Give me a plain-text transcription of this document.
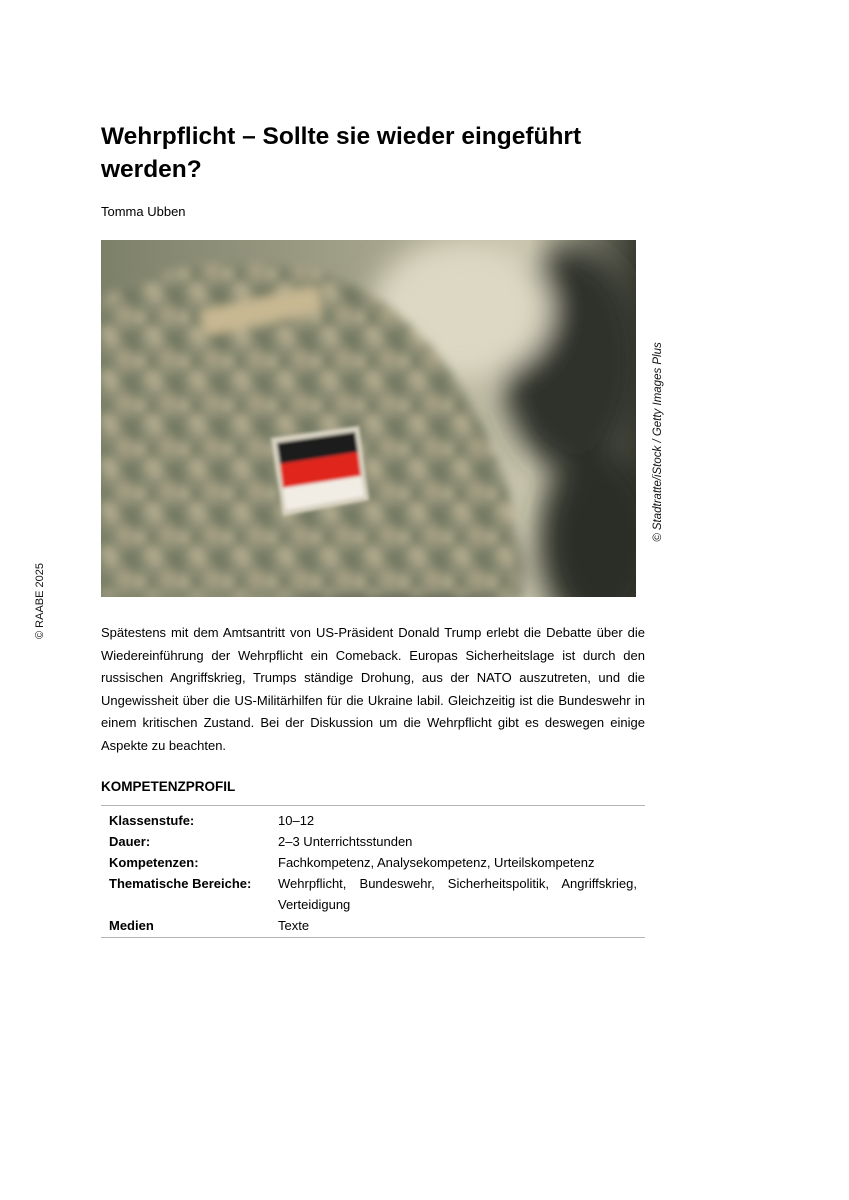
Wehrpflicht – Sollte sie wieder eingeführt werden?
Tomma Ubben
© Stadtratte/iStock / Getty Images Plus
© RAABE 2025	Spätestens mit dem Amtsantritt von US-Präsident Donald Trump erlebt die Debatte über die Wiedereinführung der Wehrpflicht ein Comeback. Europas Sicherheitslage ist durch den russischen Angriffskrieg, Trumps ständige Drohung, aus der NATO auszutreten, und die Ungewissheit über die US-Militärhilfen für die Ukraine labil. Gleichzeitig ist die Bundeswehr in einem kritischen Zustand. Bei der Diskussion um die Wehrpflicht gibt es deswegen einige Aspekte zu beachten.

KOMPETENZPROFIL
Klassenstufe:	10–12
Dauer:	2–3 Unterrichtsstunden
Kompetenzen:	Fachkompetenz, Analysekompetenz, Urteilskompetenz
Thematische Bereiche:	Wehrpflicht, Bundeswehr, Sicherheitspolitik, Angriffskrieg, Verteidigung
Medien	Texte
